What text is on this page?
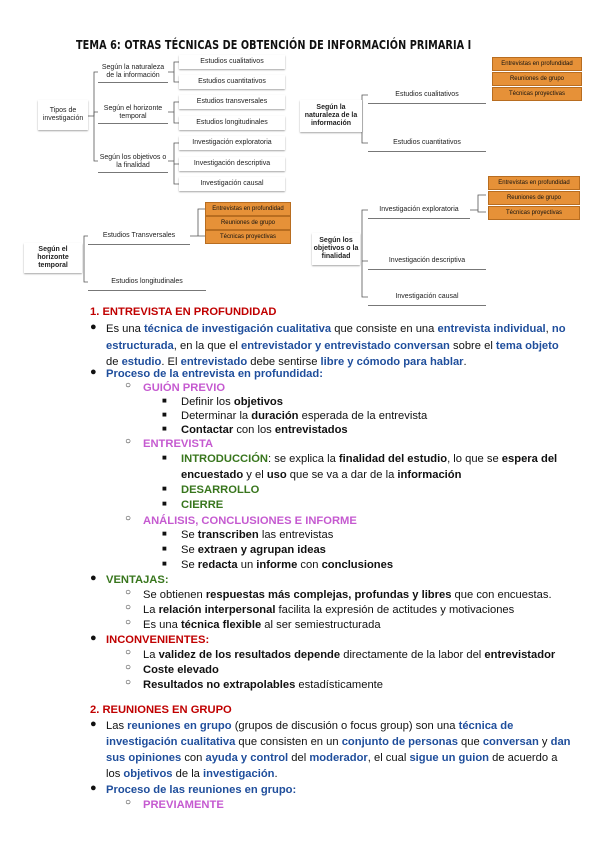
TEMA 6: OTRAS TÉCNICAS DE OBTENCIÓN DE INFORMACIÓN PRIMARIA I
Tipos de investigación
Según la naturaleza de la información
Estudios cualitativos
Estudios cuantitativos
Según el horizonte temporal
Estudios transversales
Estudios longitudinales
Según los objetivos o la finalidad
Investigación exploratoria
Investigación descriptiva
Investigación causal
Según la naturaleza de la información
Estudios cualitativos
Estudios cuantitativos
Entrevistas en profundidad
Reuniones de grupo
Técnicas proyectivas
Según el horizonte temporal
Estudios Transversales
Estudios longitudinales
Entrevistas en profundidad
Reuniones de grupo
Técnicas proyectivas	Según los objetivos o la finalidad
Investigación exploratoria
Investigación descriptiva
Investigación causal
Entrevistas en profundidad
Reuniones de grupo
Técnicas proyectivas
1. ENTREVISTA EN PROFUNDIDAD
● Es una técnica de investigación cualitativa que consiste en una entrevista individual, no
estructurada, en la que el entrevistador y entrevistado conversan sobre el tema objeto
de estudio. El entrevistado debe sentirse libre y cómodo para hablar.
● Proceso de la entrevista en profundidad:
○ GUIÓN PREVIO
■ Definir los objetivos
■ Determinar la duración esperada de la entrevista
■ Contactar con los entrevistados
○ ENTREVISTA
■ INTRODUCCIÓN: se explica la finalidad del estudio, lo que se espera del
encuestado y el uso que se va a dar de la información
■ DESARROLLO
■ CIERRE
○ ANÁLISIS, CONCLUSIONES E INFORME
■ Se transcriben las entrevistas
■ Se extraen y agrupan ideas
■ Se redacta un informe con conclusiones
● VENTAJAS:
○ Se obtienen respuestas más complejas, profundas y libres que con encuestas.
○ La relación interpersonal facilita la expresión de actitudes y motivaciones
○ Es una técnica flexible al ser semiestructurada
● INCONVENIENTES:
○ La validez de los resultados depende directamente de la labor del entrevistador
○ Coste elevado
○ Resultados no extrapolables estadísticamente
2. REUNIONES EN GRUPO
● Las reuniones en grupo (grupos de discusión o focus group) son una técnica de
investigación cualitativa que consisten en un conjunto de personas que conversan y dan
sus opiniones con ayuda y control del moderador, el cual sigue un guion de acuerdo a
los objetivos de la investigación.
● Proceso de las reuniones en grupo:
○ PREVIAMENTE
